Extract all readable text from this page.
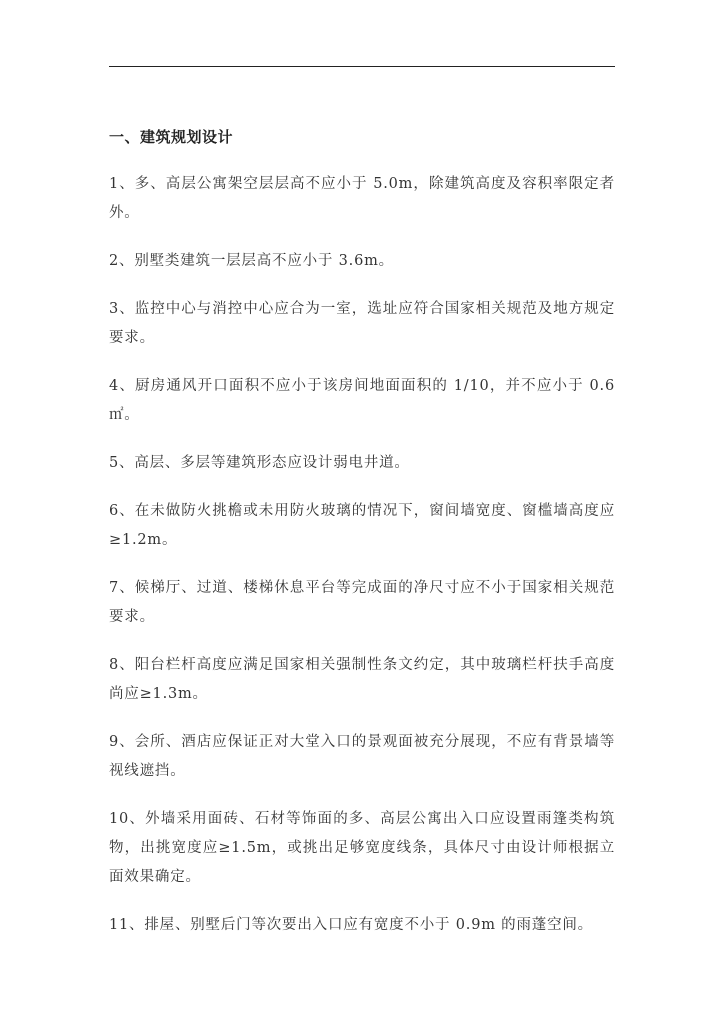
一、建筑规划设计

1、多、高层公寓架空层层高不应小于 5.0m，除建筑高度及容积率限定者外。

2、别墅类建筑一层层高不应小于 3.6m。

3、监控中心与消控中心应合为一室，选址应符合国家相关规范及地方规定要求。

4、厨房通风开口面积不应小于该房间地面面积的 1/10，并不应小于 0.6 ㎡。

5、高层、多层等建筑形态应设计弱电井道。

6、在未做防火挑檐或未用防火玻璃的情况下，窗间墙宽度、窗槛墙高度应≥1.2m。

7、候梯厅、过道、楼梯休息平台等完成面的净尺寸应不小于国家相关规范要求。

8、阳台栏杆高度应满足国家相关强制性条文约定，其中玻璃栏杆扶手高度尚应≥1.3m。

9、会所、酒店应保证正对大堂入口的景观面被充分展现，不应有背景墙等视线遮挡。

10、外墙采用面砖、石材等饰面的多、高层公寓出入口应设置雨篷类构筑物，出挑宽度应≥1.5m，或挑出足够宽度线条，具体尺寸由设计师根据立面效果确定。

11、排屋、别墅后门等次要出入口应有宽度不小于 0.9m 的雨蓬空间。
